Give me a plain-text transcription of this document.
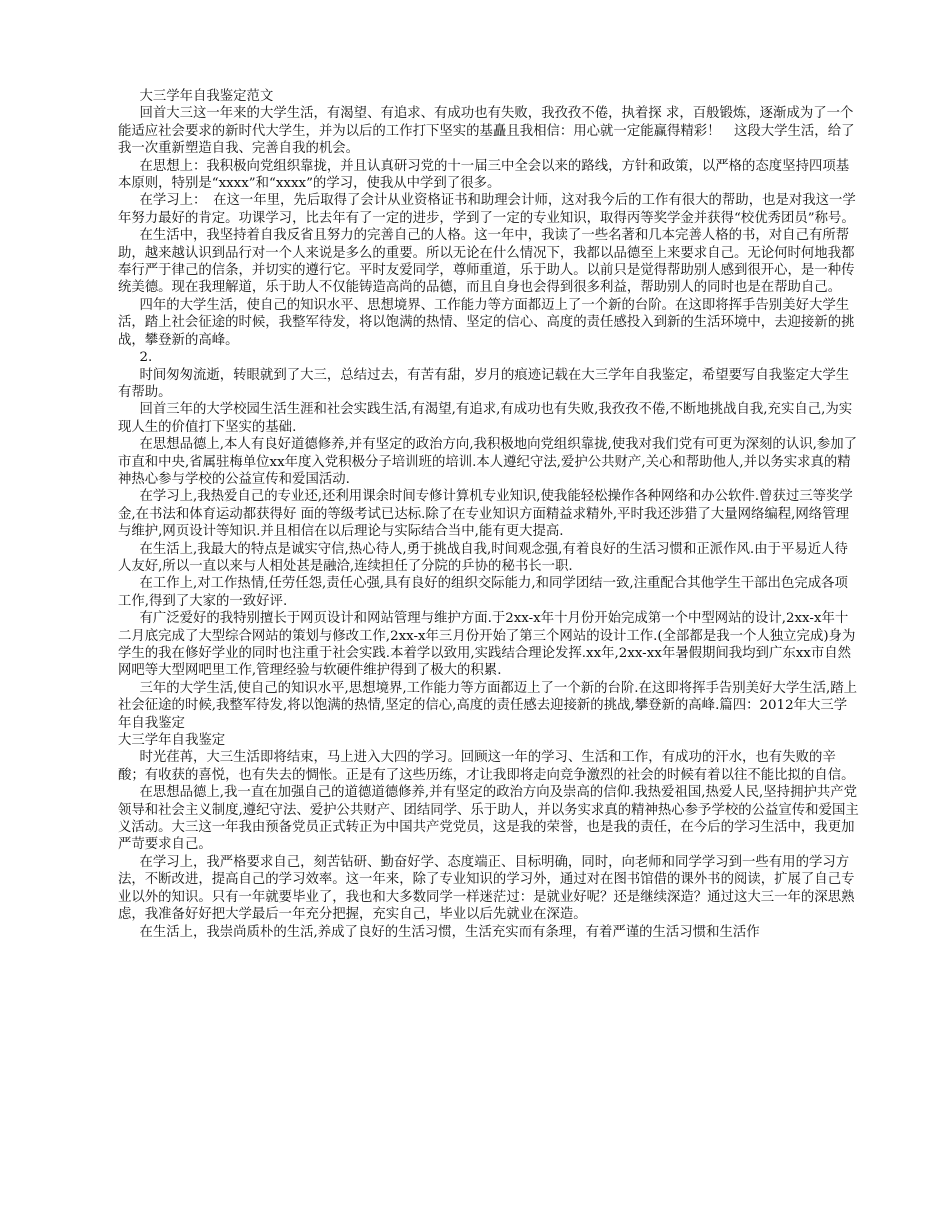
大三学年自我鉴定范文

回首大三这一年来的大学生活，有渴望、有追求、有成功也有失败，我孜孜不倦，执着探 求，百般锻炼，逐渐成为了一个能适应社会要求的新时代大学生，并为以后的工作打下坚实的基矗且我相信：用心就一定能赢得精彩！　这段大学生活，给了我一次重新塑造自我、完善自我的机会。

在思想上：我积极向党组织靠拢，并且认真研习党的十一届三中全会以来的路线，方针和政策，以严格的态度坚持四项基本原则，特别是“xxxx”和“xxxx”的学习，使我从中学到了很多。

在学习上：　在这一年里，先后取得了会计从业资格证书和助理会计师，这对我今后的工作有很大的帮助，也是对我这一学年努力最好的肯定。功课学习，比去年有了一定的进步，学到了一定的专业知识，取得丙等奖学金并获得“校优秀团员”称号。

在生活中，我坚持着自我反省且努力的完善自己的人格。这一年中，我读了一些名著和几本完善人格的书，对自己有所帮助，越来越认识到品行对一个人来说是多么的重要。所以无论在什么情况下，我都以品德至上来要求自己。无论何时何地我都奉行严于律己的信条，并切实的遵行它。平时友爱同学，尊师重道，乐于助人。以前只是觉得帮助别人感到很开心，是一种传统美德。现在我理解道，乐于助人不仅能铸造高尚的品德，而且自身也会得到很多利益，帮助别人的同时也是在帮助自己。

四年的大学生活，使自己的知识水平、思想境界、工作能力等方面都迈上了一个新的台阶。在这即将挥手告别美好大学生活，踏上社会征途的时候，我整军待发，将以饱满的热情、坚定的信心、高度的责任感投入到新的生活环境中，去迎接新的挑战，攀登新的高峰。

2.

时间匆匆流逝，转眼就到了大三，总结过去，有苦有甜，岁月的痕迹记载在大三学年自我鉴定，希望要写自我鉴定大学生有帮助。

回首三年的大学校园生活生涯和社会实践生活,有渴望,有追求,有成功也有失败,我孜孜不倦,不断地挑战自我,充实自己,为实现人生的价值打下坚实的基础.

在思想品德上,本人有良好道德修养,并有坚定的政治方向,我积极地向党组织靠拢,使我对我们党有可更为深刻的认识,参加了市直和中央,省属驻梅单位xx年度入党积极分子培训班的培训.本人遵纪守法,爱护公共财产,关心和帮助他人,并以务实求真的精神热心参与学校的公益宣传和爱国活动.

在学习上,我热爱自己的专业还,还利用课余时间专修计算机专业知识,使我能轻松操作各种网络和办公软件.曾获过三等奖学金,在书法和体育运动都获得好 面的等级考试已达标.除了在专业知识方面精益求精外,平时我还涉猎了大量网络编程,网络管理与维护,网页设计等知识.并且相信在以后理论与实际结合当中,能有更大提高.

在生活上,我最大的特点是诚实守信,热心待人,勇于挑战自我,时间观念强,有着良好的生活习惯和正派作风.由于平易近人待人友好,所以一直以来与人相处甚是融洽,连续担任了分院的乒协的秘书长一职.

在工作上,对工作热情,任劳任怨,责任心强,具有良好的组织交际能力,和同学团结一致,注重配合其他学生干部出色完成各项工作,得到了大家的一致好评.

有广泛爱好的我特别擅长于网页设计和网站管理与维护方面.于2xx-x年十月份开始完成第一个中型网站的设计,2xx-x年十二月底完成了大型综合网站的策划与修改工作,2xx-x年三月份开始了第三个网站的设计工作.(全部都是我一个人独立完成)身为学生的我在修好学业的同时也注重于社会实践.本着学以致用,实践结合理论发挥.xx年,2xx-xx年暑假期间我均到广东xx市自然网吧等大型网吧里工作,管理经验与软硬件维护得到了极大的积累.

三年的大学生活,使自己的知识水平,思想境界,工作能力等方面都迈上了一个新的台阶.在这即将挥手告别美好大学生活,踏上社会征途的时候,我整军待发,将以饱满的热情,坚定的信心,高度的责任感去迎接新的挑战,攀登新的高峰.篇四：2012年大三学年自我鉴定

大三学年自我鉴定

时光荏苒，大三生活即将结束，马上进入大四的学习。回顾这一年的学习、生活和工作，有成功的汗水，也有失败的辛酸；有收获的喜悦，也有失去的惆怅。正是有了这些历练，才让我即将走向竞争激烈的社会的时候有着以往不能比拟的自信。

在思想品德上,我一直在加强自己的道德道德修养,并有坚定的政治方向及崇高的信仰.我热爱祖国,热爱人民,坚持拥护共产党领导和社会主义制度,遵纪守法、爱护公共财产、团结同学、乐于助人，并以务实求真的精神热心参予学校的公益宣传和爱国主义活动。大三这一年我由预备党员正式转正为中国共产党党员，这是我的荣誉，也是我的责任，在今后的学习生活中，我更加严苛要求自己。

在学习上，我严格要求自己，刻苦钻研、勤奋好学、态度端正、目标明确，同时，向老师和同学学习到一些有用的学习方法，不断改进，提高自己的学习效率。这一年来，除了专业知识的学习外，通过对在图书馆借的课外书的阅读，扩展了自己专业以外的知识。只有一年就要毕业了，我也和大多数同学一样迷茫过：是就业好呢？还是继续深造？通过这大三一年的深思熟虑，我准备好好把大学最后一年充分把握，充实自己，毕业以后先就业在深造。

在生活上，我崇尚质朴的生活,养成了良好的生活习惯，生活充实而有条理，有着严谨的生活习惯和生活作
